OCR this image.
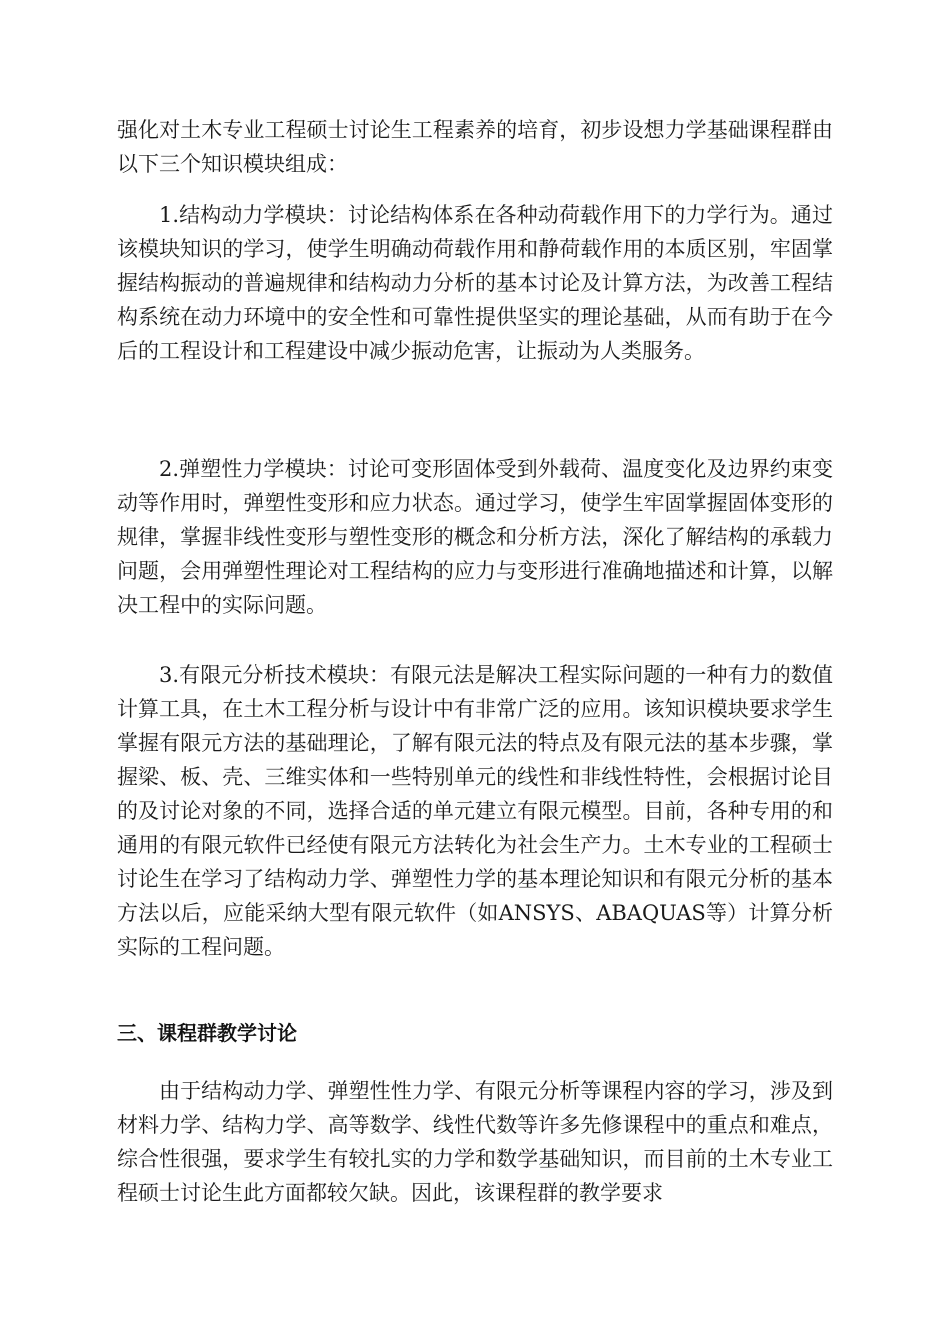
强化对土木专业工程硕士讨论生工程素养的培育，初步设想力学基础课程群由以下三个知识模块组成：

1.结构动力学模块：讨论结构体系在各种动荷载作用下的力学行为。通过该模块知识的学习，使学生明确动荷载作用和静荷载作用的本质区别，牢固掌握结构振动的普遍规律和结构动力分析的基本讨论及计算方法，为改善工程结构系统在动力环境中的安全性和可靠性提供坚实的理论基础，从而有助于在今后的工程设计和工程建设中减少振动危害，让振动为人类服务。

2.弹塑性力学模块：讨论可变形固体受到外载荷、温度变化及边界约束变动等作用时，弹塑性变形和应力状态。通过学习，使学生牢固掌握固体变形的规律，掌握非线性变形与塑性变形的概念和分析方法，深化了解结构的承载力问题，会用弹塑性理论对工程结构的应力与变形进行准确地描述和计算，以解决工程中的实际问题。

3.有限元分析技术模块：有限元法是解决工程实际问题的一种有力的数值计算工具，在土木工程分析与设计中有非常广泛的应用。该知识模块要求学生掌握有限元方法的基础理论，了解有限元法的特点及有限元法的基本步骤，掌握梁、板、壳、三维实体和一些特别单元的线性和非线性特性，会根据讨论目的及讨论对象的不同，选择合适的单元建立有限元模型。目前，各种专用的和通用的有限元软件已经使有限元方法转化为社会生产力。土木专业的工程硕士讨论生在学习了结构动力学、弹塑性力学的基本理论知识和有限元分析的基本方法以后，应能采纳大型有限元软件（如ANSYS、ABAQUAS等）计算分析实际的工程问题。

三、课程群教学讨论

由于结构动力学、弹塑性性力学、有限元分析等课程内容的学习，涉及到材料力学、结构力学、高等数学、线性代数等许多先修课程中的重点和难点，综合性很强，要求学生有较扎实的力学和数学基础知识，而目前的土木专业工程硕士讨论生此方面都较欠缺。因此，该课程群的教学要求
